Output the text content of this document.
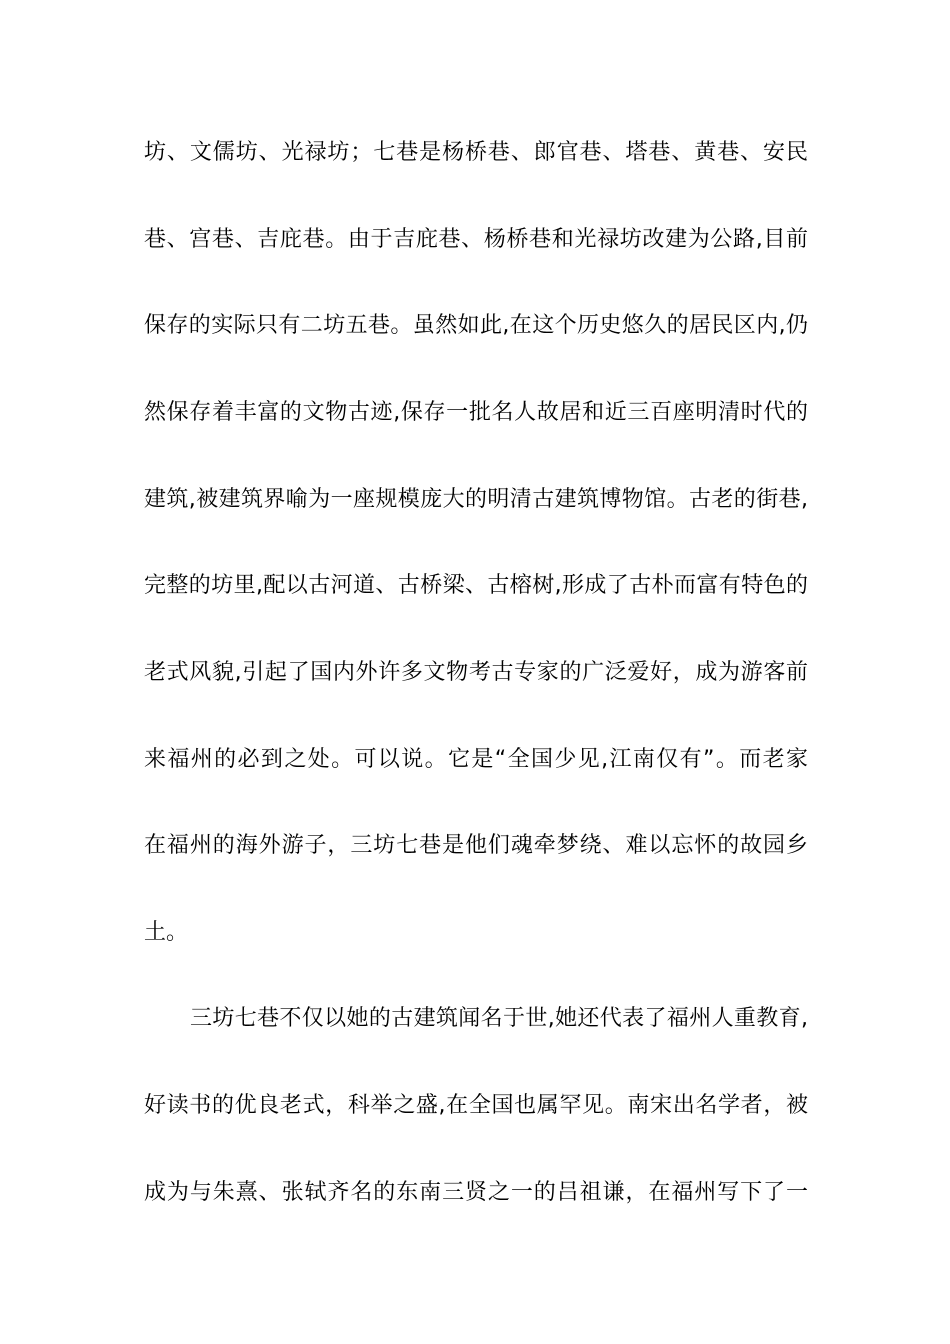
坊、文儒坊、光禄坊；七巷是杨桥巷、郎官巷、塔巷、黄巷、安民
巷、宫巷、吉庇巷。由于吉庇巷、杨桥巷和光禄坊改建为公路,目前
保存的实际只有二坊五巷。虽然如此,在这个历史悠久的居民区内,仍
然保存着丰富的文物古迹,保存一批名人故居和近三百座明清时代的
建筑,被建筑界喻为一座规模庞大的明清古建筑博物馆。古老的街巷,
完整的坊里,配以古河道、古桥梁、古榕树,形成了古朴而富有特色的
老式风貌,引起了国内外许多文物考古专家的广泛爱好，成为游客前
来福州的必到之处。可以说。它是“全国少见,江南仅有”。而老家
在福州的海外游子，三坊七巷是他们魂牵梦绕、难以忘怀的故园乡
土。
三坊七巷不仅以她的古建筑闻名于世,她还代表了福州人重教育,
好读书的优良老式，科举之盛,在全国也属罕见。南宋出名学者，被
成为与朱熹、张轼齐名的东南三贤之一的吕祖谦，在福州写下了一
